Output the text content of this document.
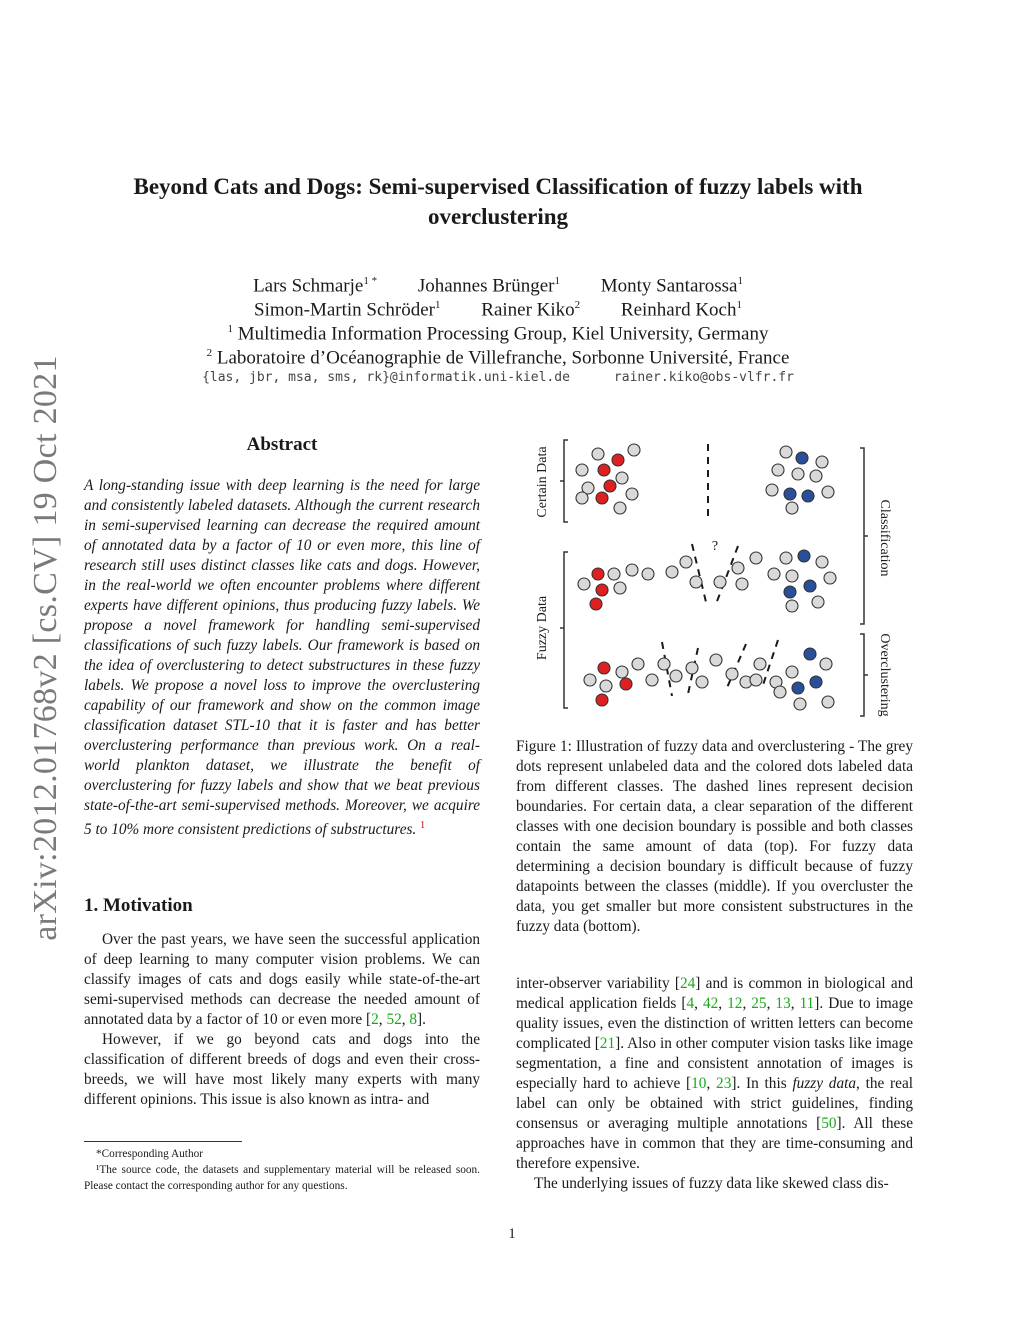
arXiv:2012.01768v2 [cs.CV] 19 Oct 2021
Beyond Cats and Dogs: Semi-supervised Classification of fuzzy labels with overclustering
Lars Schmarje$^{1 *}$ Johannes Brünger$^1$ Monty Santarossa$^1$
Simon-Martin Schröder$^1$ Rainer Kiko$^2$ Reinhard Koch$^1$
$^1$ Multimedia Information Processing Group, Kiel University, Germany
$^2$ Laboratoire d’Océanographie de Villefranche, Sorbonne Université, France
{las, jbr, msa, sms, rk}@informatik.uni-kiel.de	rainer.kiko@obs-vlfr.fr
Abstract
A long-standing issue with deep learning is the need for large and consistently labeled datasets. Although the current research in semi-supervised learning can decrease the required amount of annotated data by a factor of 10 or even more, this line of research still uses distinct classes like cats and dogs. However, in the real-world we often encounter problems where different experts have different opinions, thus producing fuzzy labels. We propose a novel framework for handling semi-supervised classifications of such fuzzy labels. Our framework is based on the idea of overclustering to detect substructures in these fuzzy labels. We propose a novel loss to improve the overclustering capability of our framework and show on the common image classification dataset STL-10 that it is faster and has better overclustering performance than previous work. On a real-world plankton dataset, we illustrate the benefit of overclustering for fuzzy labels and show that we beat previous state-of-the-art semi-supervised methods. Moreover, we acquire 5 to 10% more consistent predictions of substructures. $^1$
1. Motivation

Over the past years, we have seen the successful application of deep learning to many computer vision problems. We can classify images of cats and dogs easily while state-of-the-art semi-supervised methods can decrease the needed amount of annotated data by a factor of 10 or even more [2, 52, 8].

However, if we go beyond cats and dogs into the classification of different breeds of dogs and even their cross-breeds, we will have most likely many experts with many different opinions. This issue is also known as intra- and

*Corresponding Author

¹The source code, the datasets and supplementary material will be released soon. Please contact the corresponding author for any questions.

Certain Data
Fuzzy Data
Classification
Overclustering
?
Figure 1: Illustration of fuzzy data and overclustering - The grey dots represent unlabeled data and the colored dots labeled data from different classes. The dashed lines represent decision boundaries. For certain data, a clear separation of the different classes with one decision boundary is possible and both classes contain the same amount of data (top). For fuzzy data determining a decision boundary is difficult because of fuzzy datapoints between the classes (middle). If you overcluster the data, you get smaller but more consistent substructures in the fuzzy data (bottom).

inter-observer variability [24] and is common in biological and medical application fields [4, 42, 12, 25, 13, 11]. Due to image quality issues, even the distinction of written letters can become complicated [21]. Also in other computer vision tasks like image segmentation, a fine and consistent annotation of images is especially hard to achieve [10, 23]. In this fuzzy data, the real label can only be obtained with strict guidelines, finding consensus or averaging multiple annotations [50]. All these approaches have in common that they are time-consuming and therefore expensive.

The underlying issues of fuzzy data like skewed class dis-

1
